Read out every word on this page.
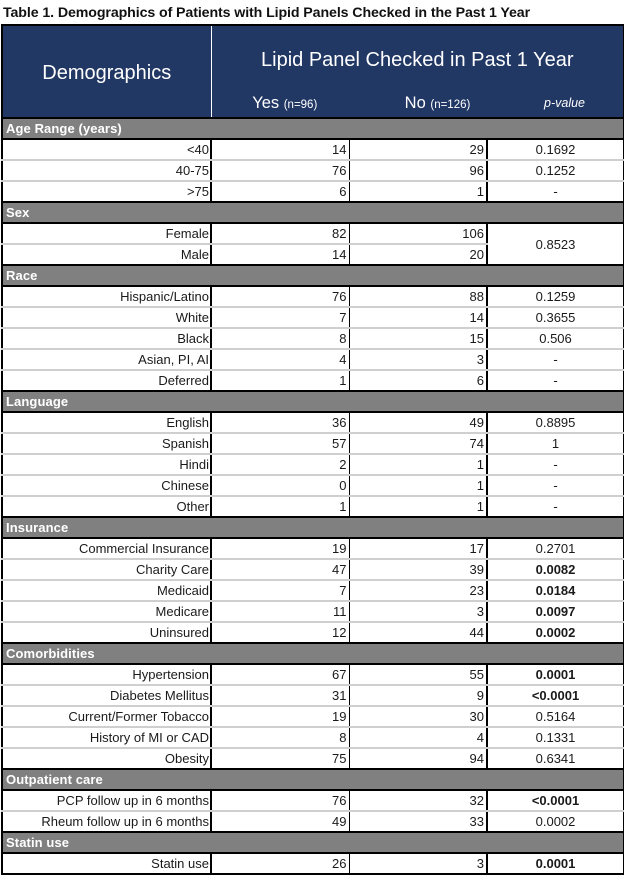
Table 1. Demographics of Patients with Lipid Panels Checked in the Past 1 Year
Demographics	Lipid Panel Checked in Past 1 Year		
	Yes (n=96)	No (n=126)	p-value
Age Range (years)			
<40	14	29	0.1692
40-75	76	96	0.1252
>75	6	1	-
Sex			
Female	82	106	0.8523
Male	14	20	
Race			
Hispanic/Latino	76	88	0.1259
White	7	14	0.3655
Black	8	15	0.506
Asian, PI, AI	4	3	-
Deferred	1	6	-
Language			
English	36	49	0.8895
Spanish	57	74	1
Hindi	2	1	-
Chinese	0	1	-
Other	1	1	-
Insurance			
Commercial Insurance	19	17	0.2701
Charity Care	47	39	0.0082
Medicaid	7	23	0.0184
Medicare	11	3	0.0097
Uninsured	12	44	0.0002
Comorbidities			
Hypertension	67	55	0.0001
Diabetes Mellitus	31	9	<0.0001
Current/Former Tobacco	19	30	0.5164
History of MI or CAD	8	4	0.1331
Obesity	75	94	0.6341
Outpatient care			
PCP follow up in 6 months	76	32	<0.0001
Rheum follow up in 6 months	49	33	0.0002
Statin use			
Statin use	26	3	0.0001
